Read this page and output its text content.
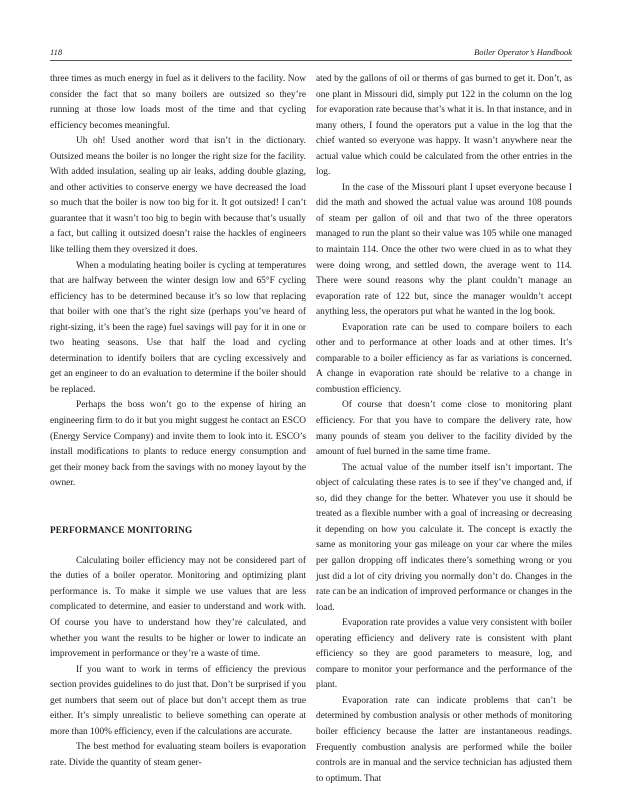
118	Boiler Operator’s Handbook

three times as much energy in fuel as it delivers to the facility. Now consider the fact that so many boilers are outsized so they’re running at those low loads most of the time and that cycling efficiency becomes meaningful.

Uh oh! Used another word that isn’t in the dictionary. Outsized means the boiler is no longer the right size for the facility. With added insulation, sealing up air leaks, adding double glazing, and other activities to conserve energy we have decreased the load so much that the boiler is now too big for it. It got outsized! I can’t guarantee that it wasn’t too big to begin with because that’s usually a fact, but calling it outsized doesn’t raise the hackles of engineers like telling them they oversized it does.

When a modulating heating boiler is cycling at temperatures that are halfway between the winter design low and 65°F cycling efficiency has to be determined because it’s so low that replacing that boiler with one that’s the right size (perhaps you’ve heard of right-sizing, it’s been the rage) fuel savings will pay for it in one or two heating seasons. Use that half the load and cycling determination to identify boilers that are cycling excessively and get an engineer to do an evaluation to determine if the boiler should be replaced.

Perhaps the boss won’t go to the expense of hiring an engineering firm to do it but you might suggest he contact an ESCO (Energy Service Company) and invite them to look into it. ESCO’s install modifications to plants to reduce energy consumption and get their money back from the savings with no money layout by the owner.

PERFORMANCE MONITORING

Calculating boiler efficiency may not be considered part of the duties of a boiler operator. Monitoring and optimizing plant performance is. To make it simple we use values that are less complicated to determine, and easier to understand and work with. Of course you have to understand how they’re calculated, and whether you want the results to be higher or lower to indicate an improvement in performance or they’re a waste of time.

If you want to work in terms of efficiency the previous section provides guidelines to do just that. Don’t be surprised if you get numbers that seem out of place but don’t accept them as true either. It’s simply unrealistic to believe something can operate at more than 100% efficiency, even if the calculations are accurate.

The best method for evaluating steam boilers is evaporation rate. Divide the quantity of steam gener-

ated by the gallons of oil or therms of gas burned to get it. Don’t, as one plant in Missouri did, simply put 122 in the column on the log for evaporation rate because that’s what it is. In that instance, and in many others, I found the operators put a value in the log that the chief wanted so everyone was happy. It wasn’t anywhere near the actual value which could be calculated from the other entries in the log.

In the case of the Missouri plant I upset everyone because I did the math and showed the actual value was around 108 pounds of steam per gallon of oil and that two of the three operators managed to run the plant so their value was 105 while one managed to maintain 114. Once the other two were clued in as to what they were doing wrong, and settled down, the average went to 114. There were sound reasons why the plant couldn’t manage an evaporation rate of 122 but, since the manager wouldn’t accept anything less, the operators put what he wanted in the log book.

Evaporation rate can be used to compare boilers to each other and to performance at other loads and at other times. It’s comparable to a boiler efficiency as far as variations is concerned. A change in evaporation rate should be relative to a change in combustion efficiency.

Of course that doesn’t come close to monitoring plant efficiency. For that you have to compare the delivery rate, how many pounds of steam you deliver to the facility divided by the amount of fuel burned in the same time frame.

The actual value of the number itself isn’t important. The object of calculating these rates is to see if they’ve changed and, if so, did they change for the better. Whatever you use it should be treated as a flexible number with a goal of increasing or decreasing it depending on how you calculate it. The concept is exactly the same as monitoring your gas mileage on your car where the miles per gallon dropping off indicates there’s something wrong or you just did a lot of city driving you normally don’t do. Changes in the rate can be an indication of improved performance or changes in the load.

Evaporation rate provides a value very consistent with boiler operating efficiency and delivery rate is consistent with plant efficiency so they are good parameters to measure, log, and compare to monitor your performance and the performance of the plant.

Evaporation rate can indicate problems that can’t be determined by combustion analysis or other methods of monitoring boiler efficiency because the latter are instantaneous readings. Frequently combustion analysis are performed while the boiler controls are in manual and the service technician has adjusted them to optimum. That
